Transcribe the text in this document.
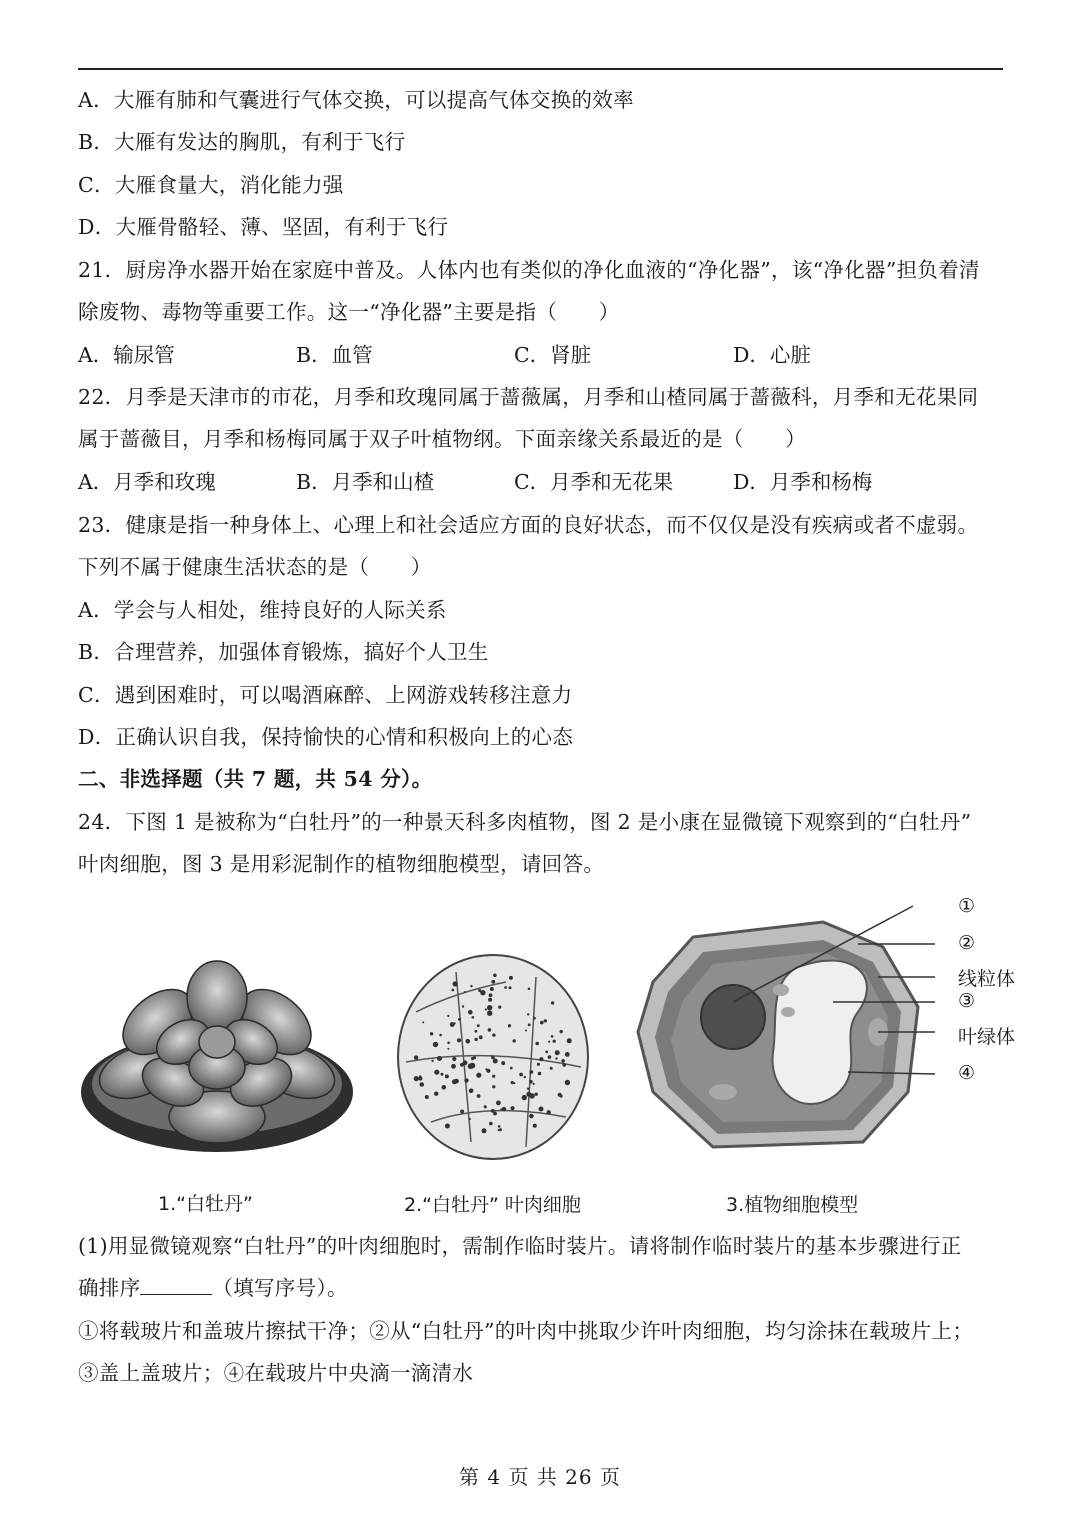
A．大雁有肺和气囊进行气体交换，可以提高气体交换的效率
B．大雁有发达的胸肌，有利于飞行
C．大雁食量大，消化能力强
D．大雁骨骼轻、薄、坚固，有利于飞行
21．厨房净水器开始在家庭中普及。人体内也有类似的净化血液的“净化器”，该“净化器”担负着清
除废物、毒物等重要工作。这一“净化器”主要是指（　　）
A．输尿管	B．血管	C．肾脏	D．心脏
22．月季是天津市的市花，月季和玫瑰同属于蔷薇属，月季和山楂同属于蔷薇科，月季和无花果同
属于蔷薇目，月季和杨梅同属于双子叶植物纲。下面亲缘关系最近的是（　　）
A．月季和玫瑰	B．月季和山楂	C．月季和无花果	D．月季和杨梅
23．健康是指一种身体上、心理上和社会适应方面的良好状态，而不仅仅是没有疾病或者不虚弱。
下列不属于健康生活状态的是（　　）
A．学会与人相处，维持良好的人际关系
B．合理营养，加强体育锻炼，搞好个人卫生
C．遇到困难时，可以喝酒麻醉、上网游戏转移注意力
D．正确认识自我，保持愉快的心情和积极向上的心态
二、非选择题（共 7 题，共 54 分）。
24．下图 1 是被称为“白牡丹”的一种景天科多肉植物，图 2 是小康在显微镜下观察到的“白牡丹”
叶肉细胞，图 3 是用彩泥制作的植物细胞模型，请回答。
①
②
线粒体
③
叶绿体
④
1.“白牡丹”	2.“白牡丹” 叶肉细胞	3.植物细胞模型
(1)用显微镜观察“白牡丹”的叶肉细胞时，需制作临时装片。请将制作临时装片的基本步骤进行正
确排序	（填写序号）。
①将载玻片和盖玻片擦拭干净；②从“白牡丹”的叶肉中挑取少许叶肉细胞，均匀涂抹在载玻片上；
③盖上盖玻片；④在载玻片中央滴一滴清水
第 4 页 共 26 页
